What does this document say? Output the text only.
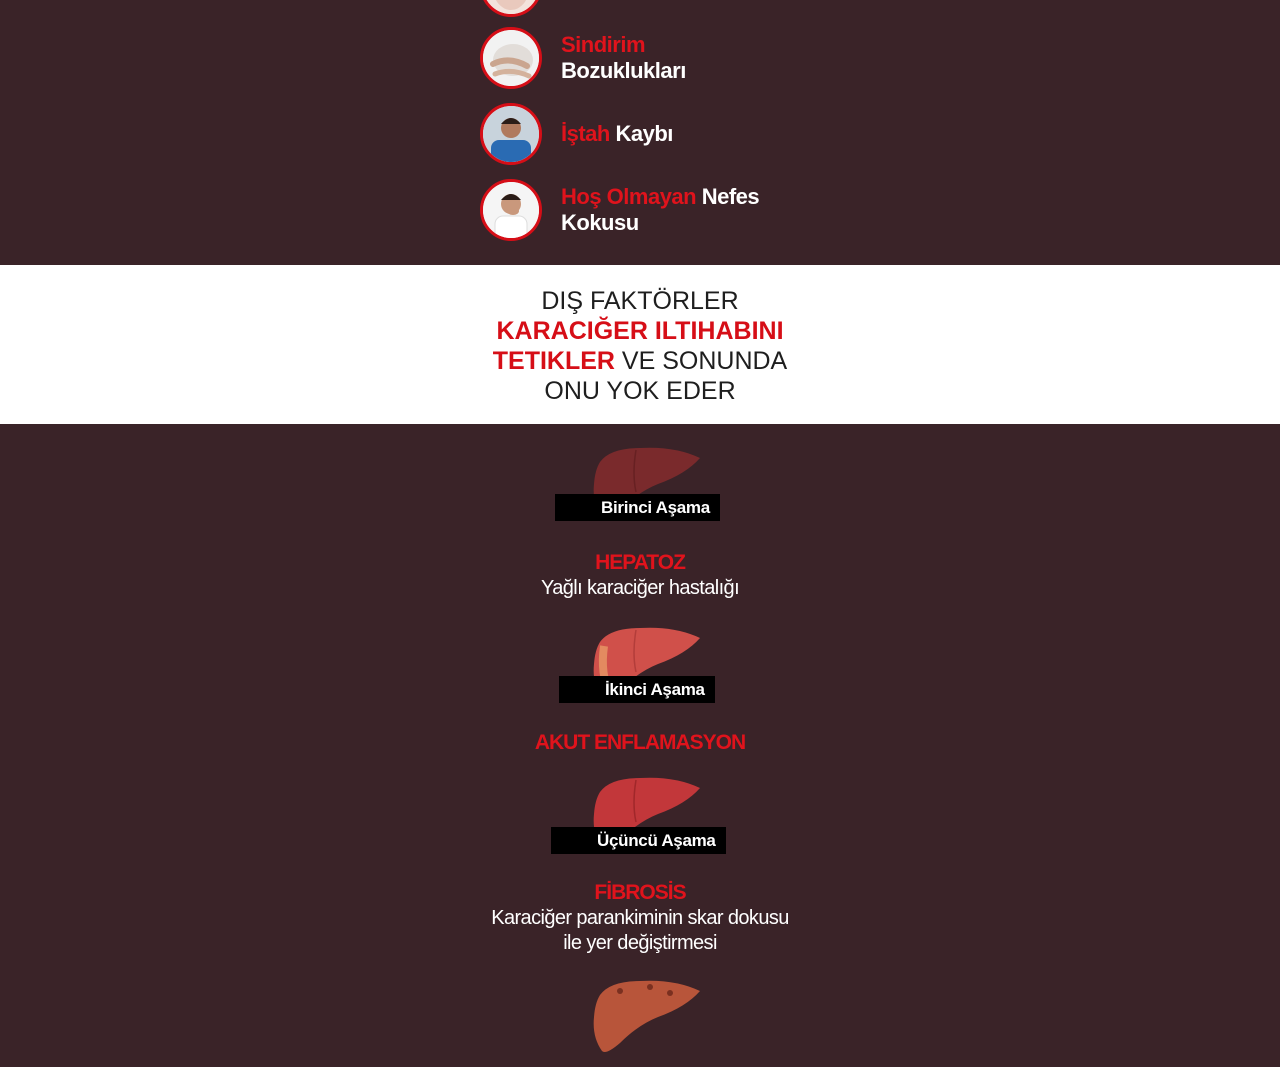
Sindirim
Bozuklukları
İştah Kaybı
Hoş Olmayan Nefes Kokusu
DIŞ FAKTÖRLER
KARACIĞER ILTIHABINI
TETIKLER VE SONUNDA
ONU YOK EDER
Birinci Aşama
HEPATOZ
Yağlı karaciğer hastalığı
İkinci Aşama
AKUT ENFLAMASYON
Üçüncü Aşama
FİBROSİS
Karaciğer parankiminin skar dokusu ile yer değiştirmesi
